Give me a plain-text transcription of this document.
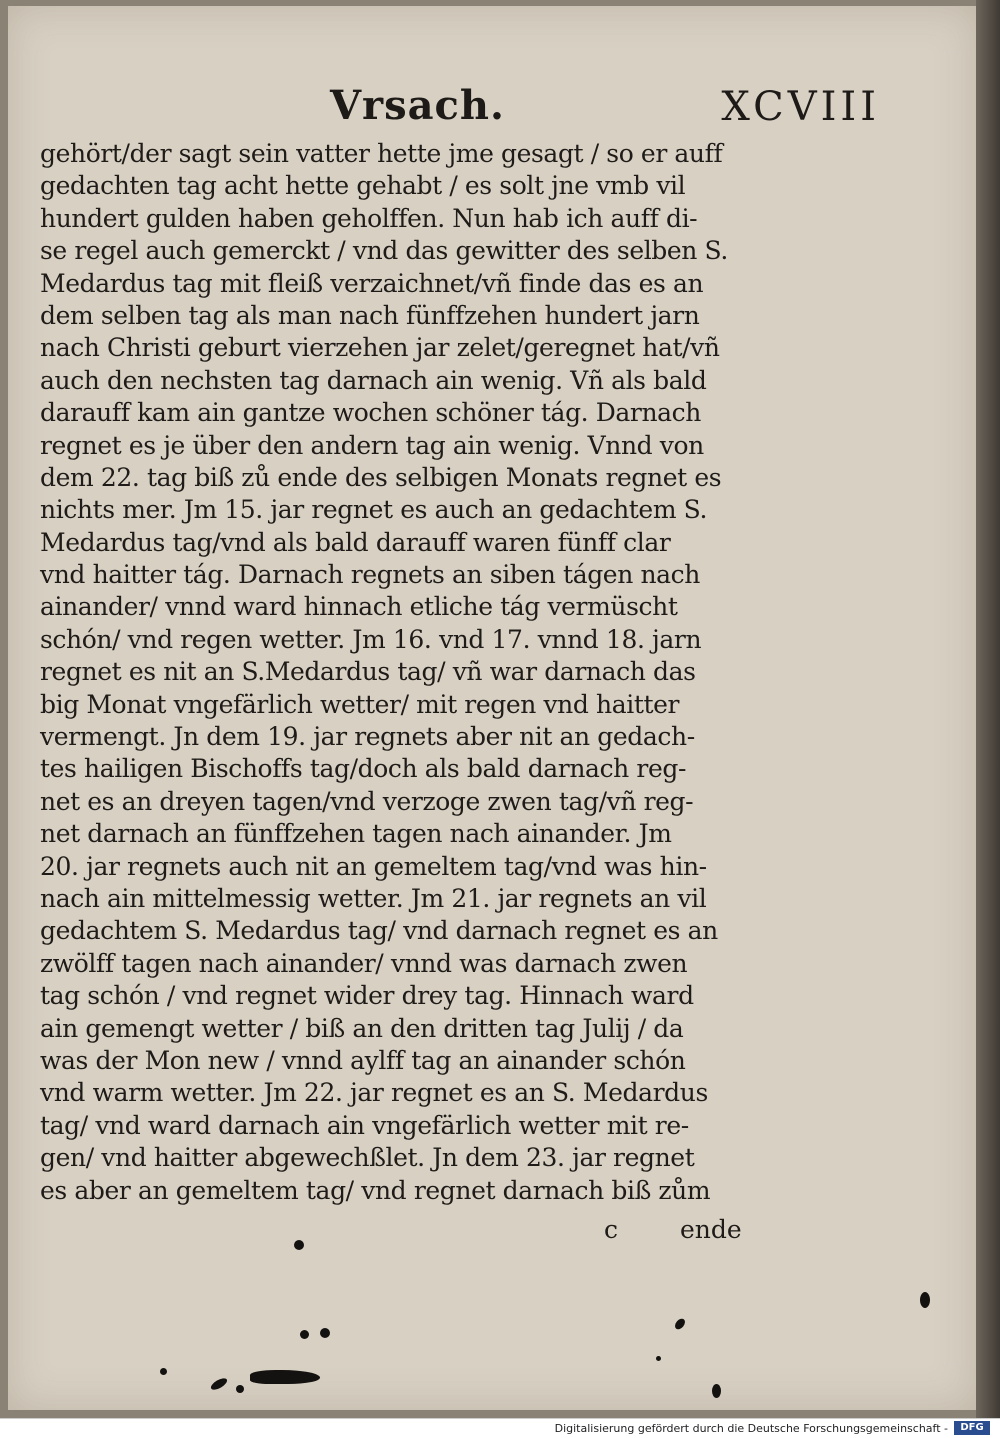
Vrsach.	XCVIII
gehört/der sagt sein vatter hette jme gesagt / so er auff
gedachten tag acht hette gehabt / es solt jne vmb vil
hundert gulden haben geholffen. Nun hab ich auff di-
se regel auch gemerckt / vnd das gewitter des selben S.
Medardus tag mit fleiß verzaichnet/vñ finde das es an
dem selben tag als man nach fünffzehen hundert jarn
nach Christi geburt vierzehen jar zelet/geregnet hat/vñ
auch den nechsten tag darnach ain wenig. Vñ als bald
darauff kam ain gantze wochen schöner tág. Darnach
regnet es je über den andern tag ain wenig. Vnnd von
dem 22. tag biß zů ende des selbigen Monats regnet es
nichts mer. Jm 15. jar regnet es auch an gedachtem S.
Medardus tag/vnd als bald darauff waren fünff clar
vnd haitter tág. Darnach regnets an siben tágen nach
ainander/ vnnd ward hinnach etliche tág vermüscht
schón/ vnd regen wetter. Jm 16. vnd 17. vnnd 18. jarn
regnet es nit an S.Medardus tag/ vñ war darnach das
big Monat vngefärlich wetter/ mit regen vnd haitter
vermengt. Jn dem 19. jar regnets aber nit an gedach-
tes hailigen Bischoffs tag/doch als bald darnach reg-
net es an dreyen tagen/vnd verzoge zwen tag/vñ reg-
net darnach an fünffzehen tagen nach ainander. Jm
20. jar regnets auch nit an gemeltem tag/vnd was hin-
nach ain mittelmessig wetter. Jm 21. jar regnets an vil
gedachtem S. Medardus tag/ vnd darnach regnet es an
zwölff tagen nach ainander/ vnnd was darnach zwen
tag schón / vnd regnet wider drey tag. Hinnach ward
ain gemengt wetter / biß an den dritten tag Julij / da
was der Mon new / vnnd aylff tag an ainander schón
vnd warm wetter. Jm 22. jar regnet es an S. Medardus
tag/ vnd ward darnach ain vngefärlich wetter mit re-
gen/ vnd haitter abgewechßlet. Jn dem 23. jar regnet
es aber an gemeltem tag/ vnd regnet darnach biß zům
c ende
Digitalisierung gefördert durch die Deutsche Forschungsgemeinschaft -	DFG
